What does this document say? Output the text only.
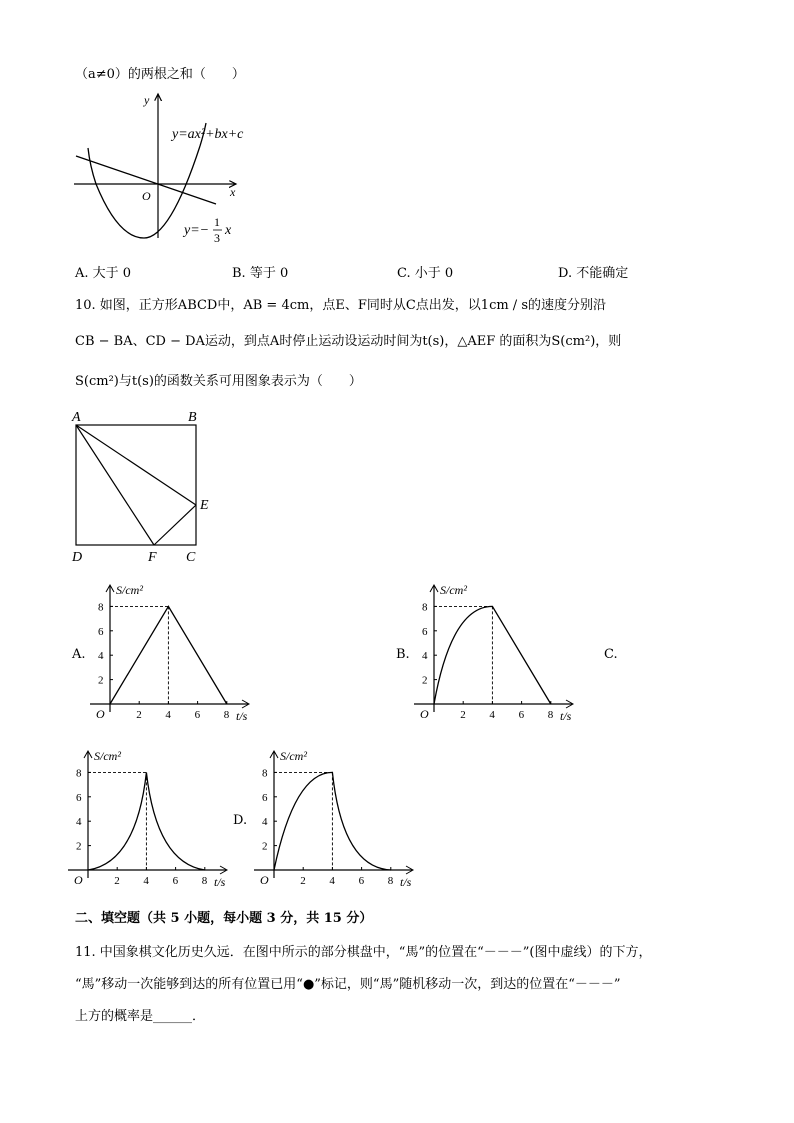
（a≠0）的两根之和（　　）
y
x
O
y=ax²+bx+c
y=−
1
3 x
A. 大于 0	B. 等于 0	C. 小于 0	D. 不能确定
10. 如图，正方形ABCD中，AB = 4cm，点E、F同时从C点出发，以1cm / s的速度分别沿
CB − BA、CD − DA运动，到点A时停止运动设运动时间为t(s)，△AEF 的面积为S(cm²)，则
S(cm²)与t(s)的函数关系可用图象表示为（　　）
A	B
D	C
E
F
A.	B.	C.
D.
2 4 6 8
2
4
6
8
O
S/cm²
t/s	2 4 6 8
2
4
6
8
O
S/cm²
t/s
2 4 6 8
2
4
6
8
O
S/cm²
t/s	2 4 6 8
2
4
6
8
O
S/cm²
t/s
二、填空题（共 5 小题，每小题 3 分，共 15 分）
11. 中国象棋文化历史久远．在图中所示的部分棋盘中，“馬”的位置在“－－－”(图中虚线）的下方，
“馬”移动一次能够到达的所有位置已用“●”标记，则“馬”随机移动一次，到达的位置在“－－－”
上方的概率是______．
